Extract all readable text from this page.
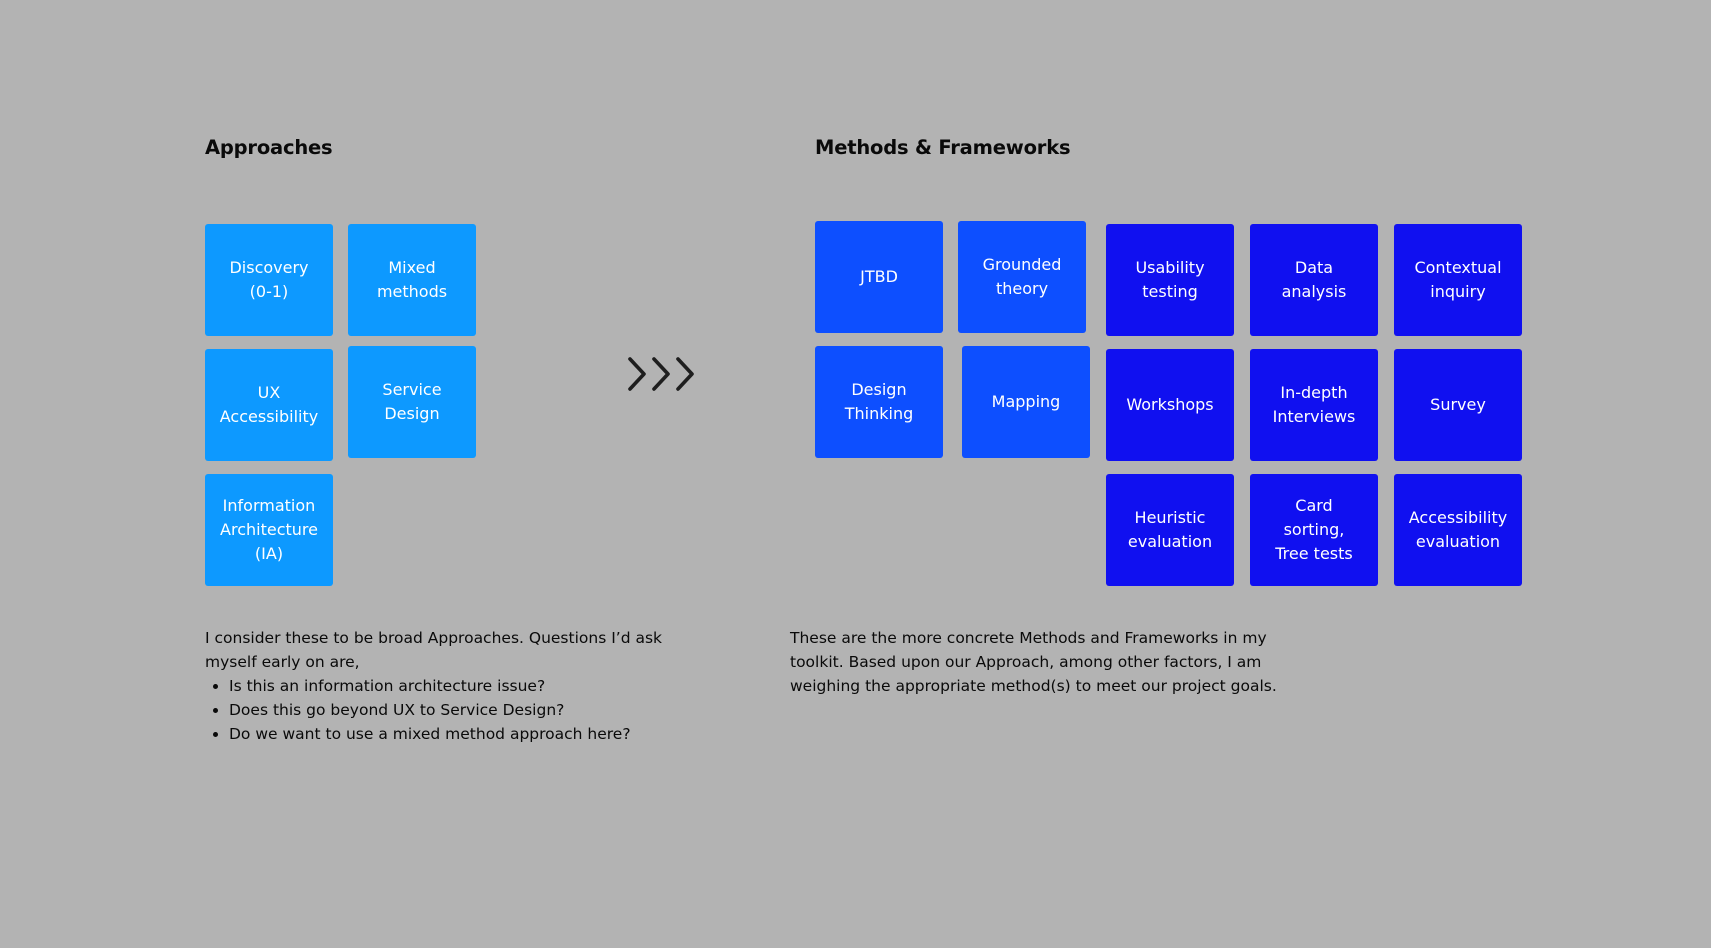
Approaches	Methods & Frameworks
Discovery
(0-1)
Mixed
methods
UX
Accessibility
Service
Design
Information
Architecture
(IA)
JTBD
Grounded
theory
Design
Thinking
Mapping
Usability
testing
Data
analysis
Contextual
inquiry
Workshops
In-depth
Interviews
Survey
Heuristic
evaluation
Card
sorting,
Tree tests
Accessibility
evaluation

I consider these to be broad Approaches. Questions I’d ask myself early on are,

• Is this an information architecture issue?
• Does this go beyond UX to Service Design?
• Do we want to use a mixed method approach here?

These are the more concrete Methods and Frameworks in my toolkit. Based upon our Approach, among other factors, I am weighing the appropriate method(s) to meet our project goals.
